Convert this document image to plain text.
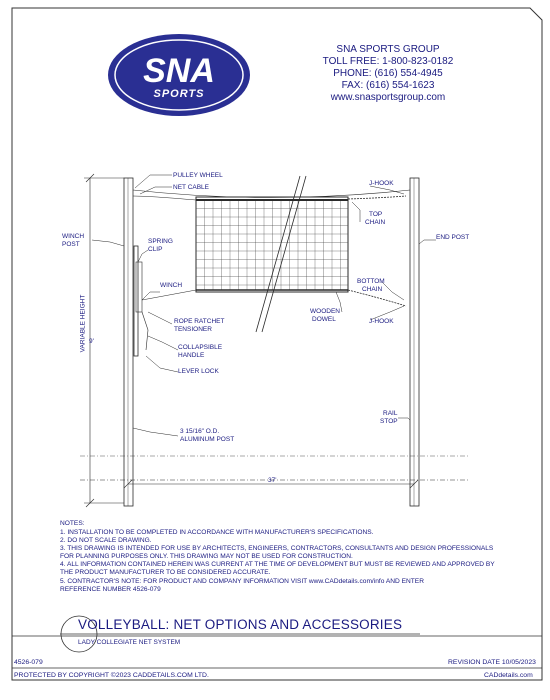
SNA
SPORTS
SNA SPORTS GROUP
TOLL FREE: 1-800-823-0182
PHONE: (616) 554-4945
FAX: (616) 554-1623
www.snasportsgroup.com
PULLEY WHEEL
NET CABLE
WINCH
POST	SPRING
CLIP
WINCH
ROPE RATCHET
TENSIONER
COLLAPSIBLE
HANDLE
LEVER LOCK
3 15/16" O.D.
ALUMINUM POST
J-HOOK
TOP
CHAIN
END POST
BOTTOM
CHAIN
WOODEN
DOWEL	J-HOOK
RAIL
STOP
9'
VARIABLE HEIGHT
37'
NOTES:
1. INSTALLATION TO BE COMPLETED IN ACCORDANCE WITH MANUFACTURER'S SPECIFICATIONS.
2. DO NOT SCALE DRAWING.
3. THIS DRAWING IS INTENDED FOR USE BY ARCHITECTS, ENGINEERS, CONTRACTORS, CONSULTANTS AND DESIGN PROFESSIONALS
FOR PLANNING PURPOSES ONLY. THIS DRAWING MAY NOT BE USED FOR CONSTRUCTION.
4. ALL INFORMATION CONTAINED HEREIN WAS CURRENT AT THE TIME OF DEVELOPMENT BUT MUST BE REVIEWED AND APPROVED BY
THE PRODUCT MANUFACTURER TO BE CONSIDERED ACCURATE.
5. CONTRACTOR'S NOTE: FOR PRODUCT AND COMPANY INFORMATION VISIT www.CADdetails.com/info AND ENTER
REFERENCE NUMBER 4526-079
VOLLEYBALL: NET OPTIONS AND ACCESSORIES
LADY COLLEGIATE NET SYSTEM
4526-079	REVISION DATE 10/05/2023
PROTECTED BY COPYRIGHT ©2023 CADDETAILS.COM LTD.	CADdetails.com
